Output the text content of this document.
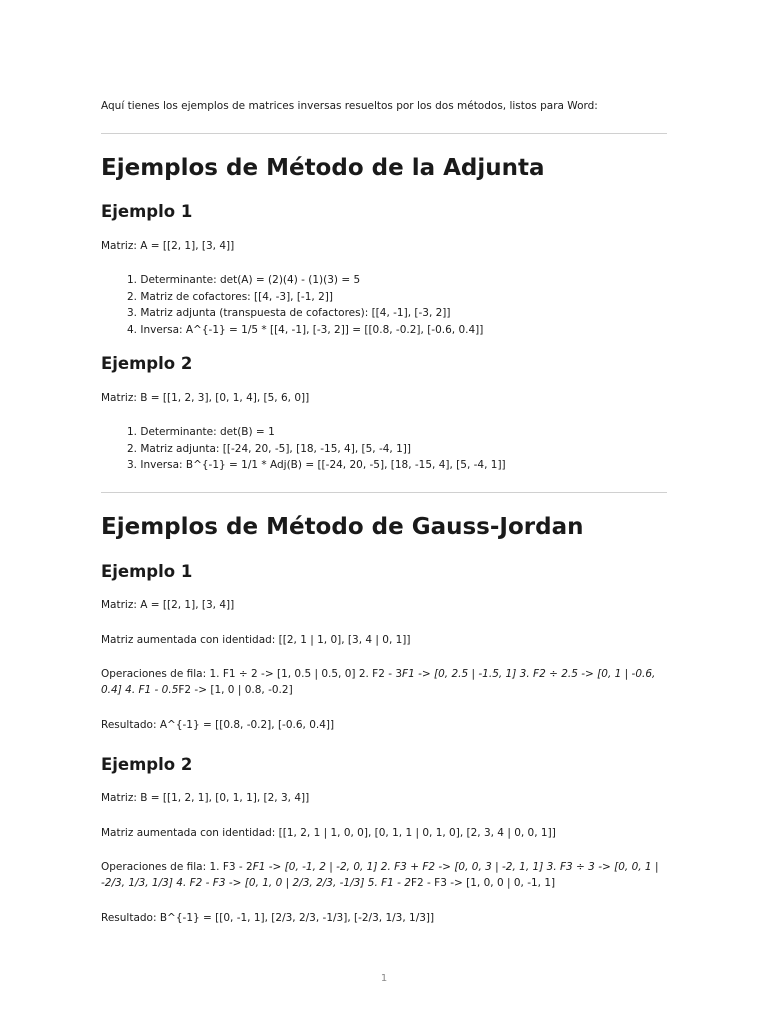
Aquí tienes los ejemplos de matrices inversas resueltos por los dos métodos, listos para Word:
Ejemplos de Método de la Adjunta
Ejemplo 1
Matriz: A = [[2, 1], [3, 4]]
1. Determinante: det(A) = (2)(4) - (1)(3) = 5
2. Matriz de cofactores: [[4, -3], [-1, 2]]
3. Matriz adjunta (transpuesta de cofactores): [[4, -1], [-3, 2]]
4. Inversa: A^{-1} = 1/5 * [[4, -1], [-3, 2]] = [[0.8, -0.2], [-0.6, 0.4]]
Ejemplo 2
Matriz: B = [[1, 2, 3], [0, 1, 4], [5, 6, 0]]
1. Determinante: det(B) = 1
2. Matriz adjunta: [[-24, 20, -5], [18, -15, 4], [5, -4, 1]]
3. Inversa: B^{-1} = 1/1 * Adj(B) = [[-24, 20, -5], [18, -15, 4], [5, -4, 1]]
Ejemplos de Método de Gauss-Jordan
Ejemplo 1
Matriz: A = [[2, 1], [3, 4]]
Matriz aumentada con identidad: [[2, 1 | 1, 0], [3, 4 | 0, 1]]
Operaciones de fila: 1. F1 ÷ 2 -> [1, 0.5 | 0.5, 0] 2. F2 - 3F1 -> [0, 2.5 | -1.5, 1] 3. F2 ÷ 2.5 -> [0, 1 | -0.6, 0.4] 4. F1 - 0.5F2 -> [1, 0 | 0.8, -0.2]
Resultado: A^{-1} = [[0.8, -0.2], [-0.6, 0.4]]
Ejemplo 2
Matriz: B = [[1, 2, 1], [0, 1, 1], [2, 3, 4]]
Matriz aumentada con identidad: [[1, 2, 1 | 1, 0, 0], [0, 1, 1 | 0, 1, 0], [2, 3, 4 | 0, 0, 1]]
Operaciones de fila: 1. F3 - 2F1 -> [0, -1, 2 | -2, 0, 1] 2. F3 + F2 -> [0, 0, 3 | -2, 1, 1] 3. F3 ÷ 3 -> [0, 0, 1 | -2/3, 1/3, 1/3] 4. F2 - F3 -> [0, 1, 0 | 2/3, 2/3, -1/3] 5. F1 - 2F2 - F3 -> [1, 0, 0 | 0, -1, 1]
Resultado: B^{-1} = [[0, -1, 1], [2/3, 2/3, -1/3], [-2/3, 1/3, 1/3]]
1
